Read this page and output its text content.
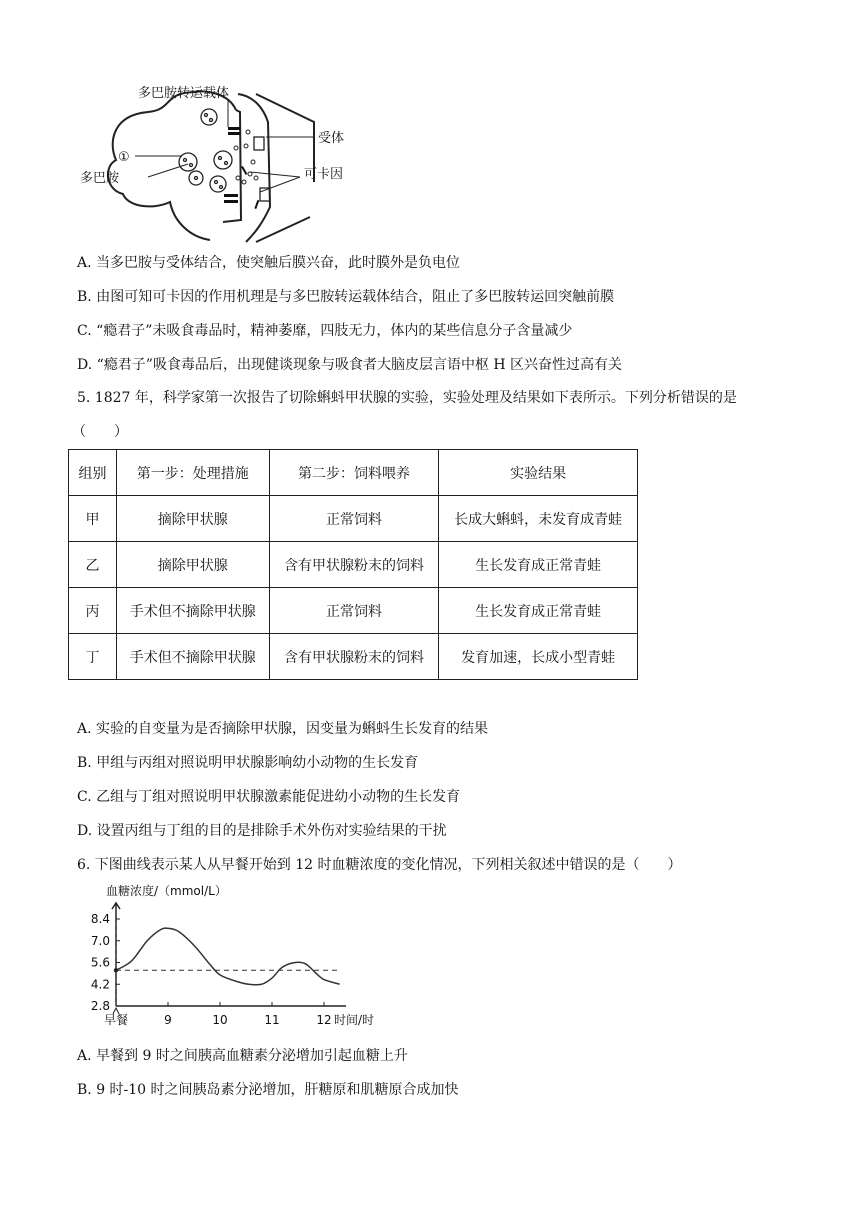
多巴胺转运载体
①
多巴胺
受体
可卡因
A. 当多巴胺与受体结合，使突触后膜兴奋，此时膜外是负电位
B. 由图可知可卡因的作用机理是与多巴胺转运载体结合，阻止了多巴胺转运回突触前膜
C. “瘾君子”未吸食毒品时，精神萎靡，四肢无力，体内的某些信息分子含量减少
D. “瘾君子”吸食毒品后，出现健谈现象与吸食者大脑皮层言语中枢 H 区兴奋性过高有关
5. 1827 年，科学家第一次报告了切除蝌蚪甲状腺的实验，实验处理及结果如下表所示。下列分析错误的是
（　　）
组别	第一步：处理措施	第二步：饲料喂养	实验结果
甲	摘除甲状腺	正常饲料	长成大蝌蚪，未发育成青蛙
乙	摘除甲状腺	含有甲状腺粉末的饲料	生长发育成正常青蛙
丙	手术但不摘除甲状腺	正常饲料	生长发育成正常青蛙
丁	手术但不摘除甲状腺	含有甲状腺粉末的饲料	发育加速，长成小型青蛙
A. 实验的自变量为是否摘除甲状腺，因变量为蝌蚪生长发育的结果
B. 甲组与丙组对照说明甲状腺影响幼小动物的生长发育
C. 乙组与丁组对照说明甲状腺激素能促进幼小动物的生长发育
D. 设置丙组与丁组的目的是排除手术外伤对实验结果的干扰
6. 下图曲线表示某人从早餐开始到 12 时血糖浓度的变化情况，下列相关叙述中错误的是（　　）
8.4
7.0
5.6
4.2
2.8
早餐	9	10	11	12
血糖浓度/（mmol/L）
时间/时
A. 早餐到 9 时之间胰高血糖素分泌增加引起血糖上升
B. 9 时-10 时之间胰岛素分泌增加，肝糖原和肌糖原合成加快
